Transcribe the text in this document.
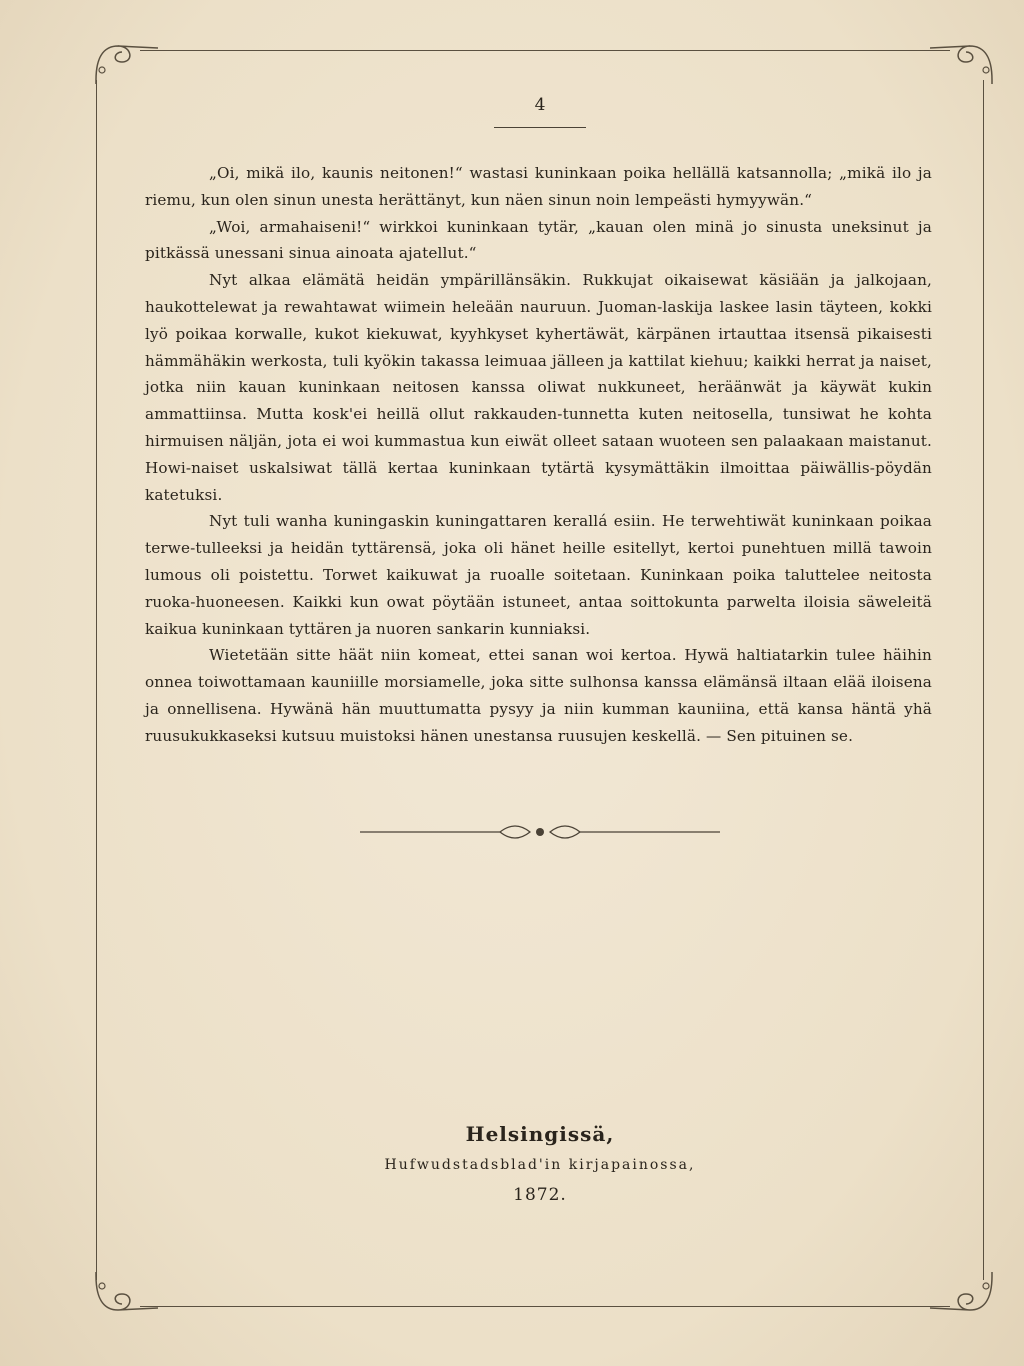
4

„Oi, mikä ilo, kaunis neitonen!“ wastasi kuninkaan poika hellällä katsannolla; „mikä ilo ja riemu, kun olen sinun unesta herättänyt, kun näen sinun noin lempeästi hymyywän.“

„Woi, armahaiseni!“ wirkkoi kuninkaan tytär, „kauan olen minä jo sinusta uneksinut ja pitkässä unessani sinua ainoata ajatellut.“

Nyt alkaa elämätä heidän ympärillänsäkin. Rukkujat oikaisewat käsiään ja jalkojaan, haukottelewat ja rewahtawat wiimein heleään nauruun. Juoman-laskija laskee lasin täyteen, kokki lyö poikaa korwalle, kukot kiekuwat, kyyhkyset kyhertäwät, kärpänen irtauttaa itsensä pikaisesti hämmähäkin werkosta, tuli kyökin takassa leimuaa jälleen ja kattilat kiehuu; kaikki herrat ja naiset, jotka niin kauan kuninkaan neitosen kanssa oliwat nukkuneet, heräänwät ja käywät kukin ammattiinsa. Mutta kosk'ei heillä ollut rakkauden-tunnetta kuten neitosella, tunsiwat he kohta hirmuisen näljän, jota ei woi kummastua kun eiwät olleet sataan wuoteen sen palaakaan maistanut. Howi-naiset uskalsiwat tällä kertaa kuninkaan tytärtä kysymättäkin ilmoittaa päiwällis-pöydän katetuksi.

Nyt tuli wanha kuningaskin kuningattaren kerallá esiin. He terwehtiwät kuninkaan poikaa terwe-tulleeksi ja heidän tyttärensä, joka oli hänet heille esitellyt, kertoi punehtuen millä tawoin lumous oli poistettu. Torwet kaikuwat ja ruoalle soitetaan. Kuninkaan poika taluttelee neitosta ruoka-huoneesen. Kaikki kun owat pöytään istuneet, antaa soittokunta parwelta iloisia säweleitä kaikua kuninkaan tyttären ja nuoren sankarin kunniaksi.

Wietetään sitte häät niin komeat, ettei sanan woi kertoa. Hywä haltiatarkin tulee häihin onnea toiwottamaan kauniille morsiamelle, joka sitte sulhonsa kanssa elämänsä iltaan elää iloisena ja onnellisena. Hywänä hän muuttumatta pysyy ja niin kumman kauniina, että kansa häntä yhä ruusukukkaseksi kutsuu muistoksi hänen unestansa ruusujen keskellä. — Sen pituinen se.

Helsingissä,
Hufwudstadsblad'in kirjapainossa,
1872.
